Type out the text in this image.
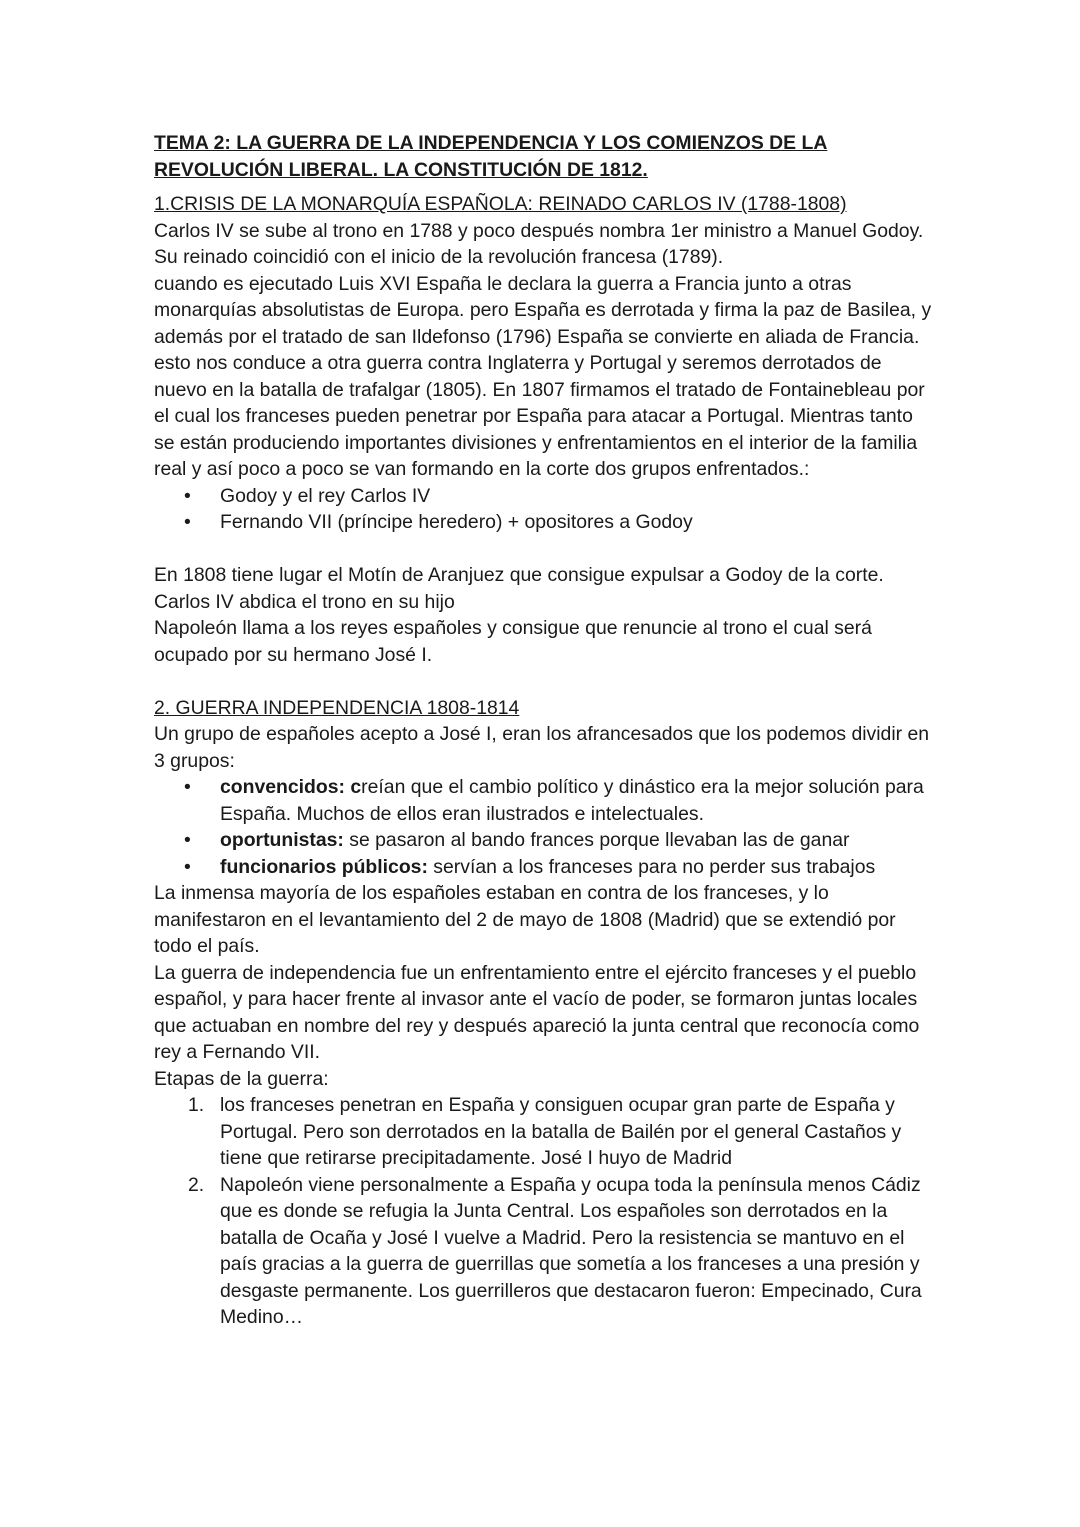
TEMA 2: LA GUERRA DE LA INDEPENDENCIA Y LOS COMIENZOS DE LA REVOLUCIÓN LIBERAL. LA CONSTITUCIÓN DE 1812.

1.CRISIS DE LA MONARQUÍA ESPAÑOLA: REINADO CARLOS IV (1788-1808)

Carlos IV se sube al trono en 1788 y poco después nombra 1er ministro a Manuel Godoy. Su reinado coincidió con el inicio de la revolución francesa (1789).

cuando es ejecutado Luis XVI España le declara la guerra a Francia junto a otras monarquías absolutistas de Europa. pero España es derrotada y firma la paz de Basilea, y además por el tratado de san Ildefonso (1796) España se convierte en aliada de Francia. esto nos conduce a otra guerra contra Inglaterra y Portugal y seremos derrotados de nuevo en la batalla de trafalgar (1805). En 1807 firmamos el tratado de Fontainebleau por el cual los franceses pueden penetrar por España para atacar a Portugal. Mientras tanto se están produciendo importantes divisiones y enfrentamientos en el interior de la familia real y así poco a poco se van formando en la corte dos grupos enfrentados.:

• Godoy y el rey Carlos IV
• Fernando VII (príncipe heredero) + opositores a Godoy

En 1808 tiene lugar el Motín de Aranjuez que consigue expulsar a Godoy de la corte.

Carlos IV abdica el trono en su hijo

Napoleón llama a los reyes españoles y consigue que renuncie al trono el cual será ocupado por su hermano José I.

2. GUERRA INDEPENDENCIA 1808-1814

Un grupo de españoles acepto a José I, eran los afrancesados que los podemos dividir en 3 grupos:

• convencidos: creían que el cambio político y dinástico era la mejor solución para España. Muchos de ellos eran ilustrados e intelectuales.
• oportunistas: se pasaron al bando frances porque llevaban las de ganar
• funcionarios públicos: servían a los franceses para no perder sus trabajos

La inmensa mayoría de los españoles estaban en contra de los franceses, y lo manifestaron en el levantamiento del 2 de mayo de 1808 (Madrid) que se extendió por todo el país.

La guerra de independencia fue un enfrentamiento entre el ejército franceses y el pueblo español, y para hacer frente al invasor ante el vacío de poder, se formaron juntas locales que actuaban en nombre del rey y después apareció la junta central que reconocía como rey a Fernando VII.

Etapas de la guerra:

1. los franceses penetran en España y consiguen ocupar gran parte de España y Portugal. Pero son derrotados en la batalla de Bailén por el general Castaños y tiene que retirarse precipitadamente. José I huyo de Madrid
2. Napoleón viene personalmente a España y ocupa toda la península menos Cádiz que es donde se refugia la Junta Central. Los españoles son derrotados en la batalla de Ocaña y José I vuelve a Madrid. Pero la resistencia se mantuvo en el país gracias a la guerra de guerrillas que sometía a los franceses a una presión y desgaste permanente. Los guerrilleros que destacaron fueron: Empecinado, Cura Medino…
